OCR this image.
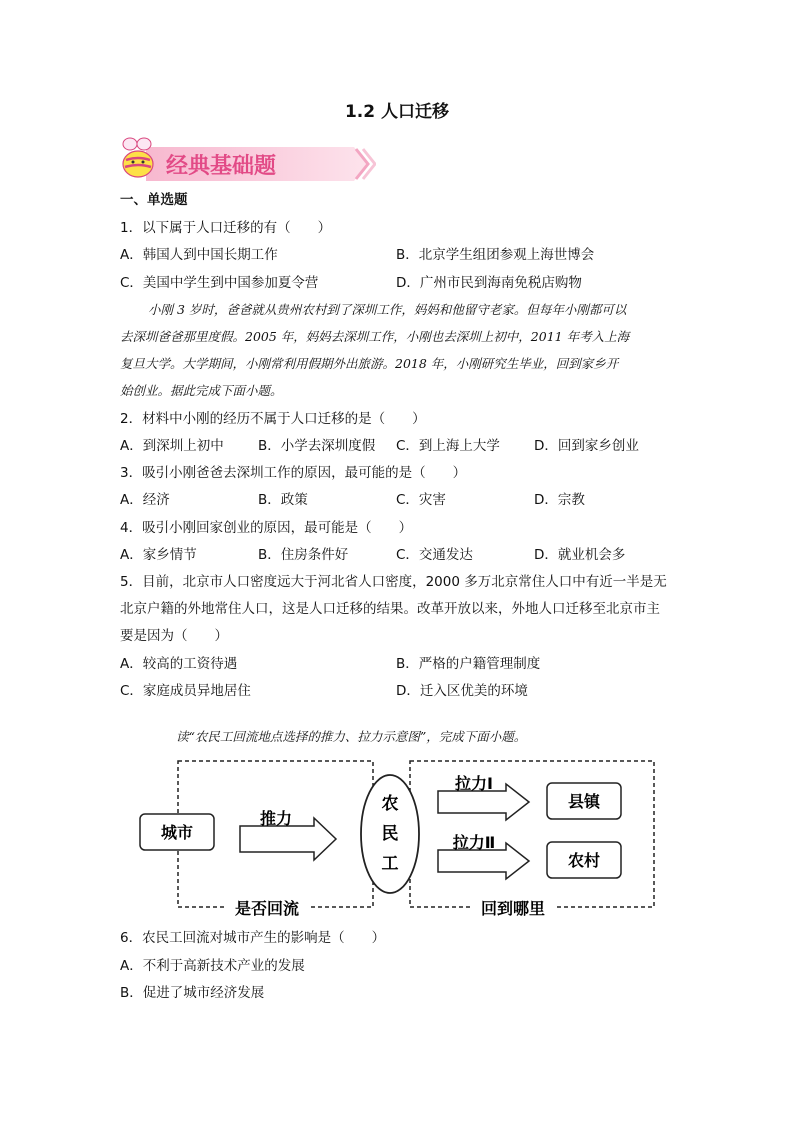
1.2 人口迁移
经典基础题
一、单选题
1．以下属于人口迁移的有（　　）
A．韩国人到中国长期工作	B．北京学生组团参观上海世博会
C．美国中学生到中国参加夏令营	D．广州市民到海南免税店购物
小刚 3 岁时，爸爸就从贵州农村到了深圳工作，妈妈和他留守老家。但每年小刚都可以
去深圳爸爸那里度假。2005 年，妈妈去深圳工作，小刚也去深圳上初中，2011 年考入上海
复旦大学。大学期间，小刚常利用假期外出旅游。2018 年，小刚研究生毕业，回到家乡开
始创业。据此完成下面小题。
2．材料中小刚的经历不属于人口迁移的是（　　）
A．到深圳上初中	B．小学去深圳度假 C．到上海上大学	D．回到家乡创业
3．吸引小刚爸爸去深圳工作的原因，最可能的是（　　）
A．经济	B．政策	C．灾害	D．宗教
4．吸引小刚回家创业的原因，最可能是（　　）
A．家乡情节	B．住房条件好	C．交通发达	D．就业机会多
5．目前，北京市人口密度远大于河北省人口密度，2000 多万北京常住人口中有近一半是无
北京户籍的外地常住人口，这是人口迁移的结果。改革开放以来，外地人口迁移至北京市主
要是因为（　　）
A．较高的工资待遇	B．严格的户籍管理制度
C．家庭成员异地居住	D．迁入区优美的环境
读“农民工回流地点选择的推力、拉力示意图”，完成下面小题。
城市
推力
农
民
工
拉力Ⅰ
拉力Ⅱ
县镇
农村
是否回流	回到哪里
6．农民工回流对城市产生的影响是（　　）
A．不利于高新技术产业的发展
B．促进了城市经济发展
